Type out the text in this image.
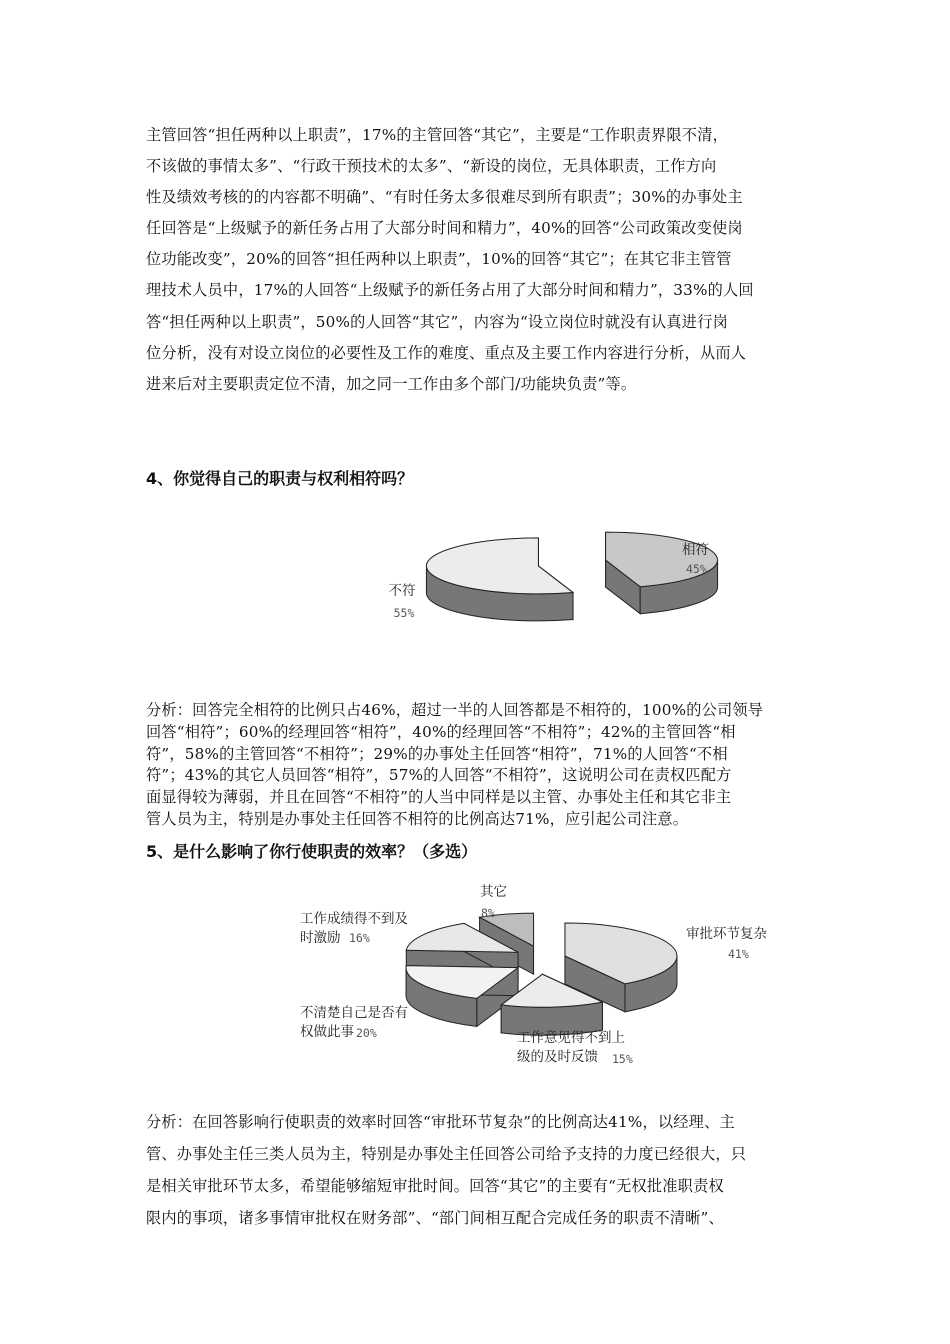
主管回答“担任两种以上职责”，17%的主管回答“其它”，主要是“工作职责界限不清，
不该做的事情太多”、“行政干预技术的太多”、“新设的岗位，无具体职责，工作方向
性及绩效考核的的内容都不明确”、“有时任务太多很难尽到所有职责”；30%的办事处主
任回答是“上级赋予的新任务占用了大部分时间和精力”，40%的回答“公司政策改变使岗
位功能改变”，20%的回答“担任两种以上职责”，10%的回答“其它”；在其它非主管管
理技术人员中，17%的人回答“上级赋予的新任务占用了大部分时间和精力”，33%的人回
答“担任两种以上职责”，50%的人回答“其它”，内容为“设立岗位时就没有认真进行岗
位分析，没有对设立岗位的必要性及工作的难度、重点及主要工作内容进行分析，从而人
进来后对主要职责定位不清，加之同一工作由多个部门/功能块负责”等。
4、你觉得自己的职责与权利相符吗？
相符
45%
不符
55%
审批环节复杂
41%
工作意见得不到上
级的及时反馈 15%
不清楚自己是否有
权做此事 20%
工作成绩得不到及
时激励 16%
其它
8%
分析：回答完全相符的比例只占46%，超过一半的人回答都是不相符的，100%的公司领导
回答“相符”；60%的经理回答“相符”，40%的经理回答“不相符”；42%的主管回答“相
符”，58%的主管回答“不相符”；29%的办事处主任回答“相符”，71%的人回答“不相
符”；43%的其它人员回答“相符”，57%的人回答“不相符”，这说明公司在责权匹配方
面显得较为薄弱，并且在回答“不相符”的人当中同样是以主管、办事处主任和其它非主
管人员为主，特别是办事处主任回答不相符的比例高达71%，应引起公司注意。
5、是什么影响了你行使职责的效率？（多选）
分析：在回答影响行使职责的效率时回答“审批环节复杂”的比例高达41%，以经理、主
管、办事处主任三类人员为主，特别是办事处主任回答公司给予支持的力度已经很大，只
是相关审批环节太多，希望能够缩短审批时间。回答“其它”的主要有“无权批准职责权
限内的事项，诸多事情审批权在财务部”、“部门间相互配合完成任务的职责不清晰”、
